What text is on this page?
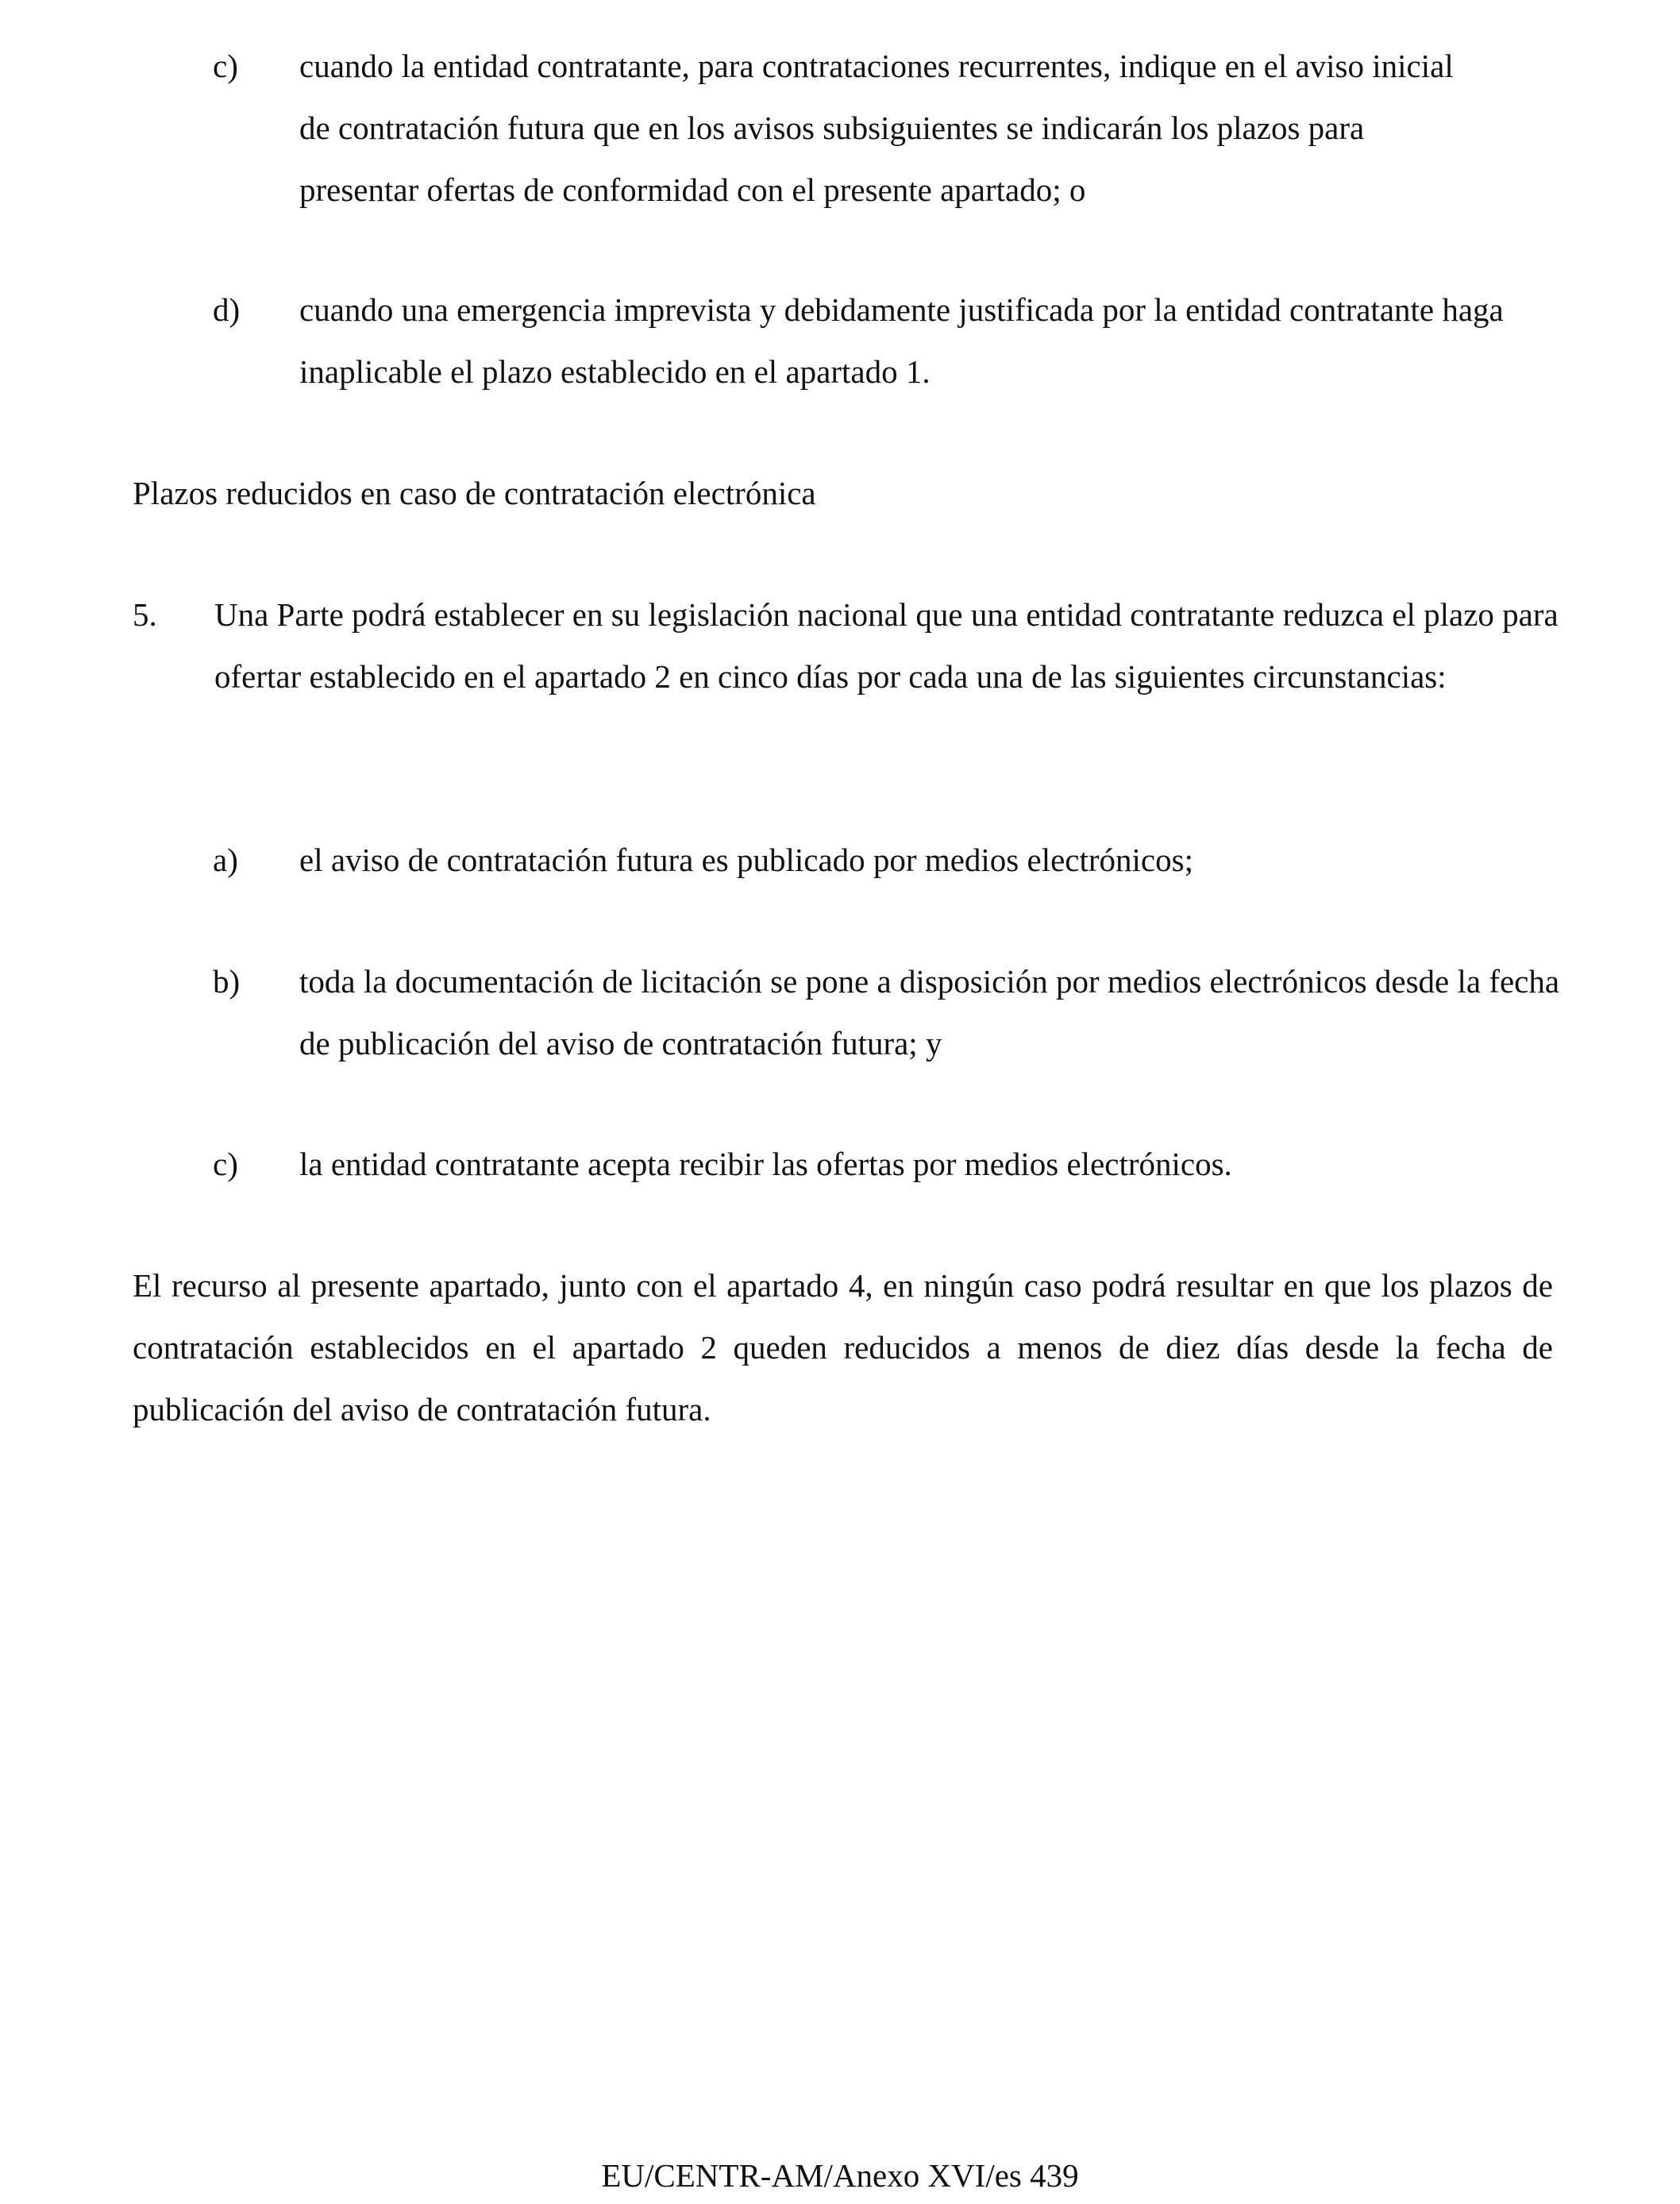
c) cuando la entidad contratante, para contrataciones recurrentes, indique en el aviso inicial de contratación futura que en los avisos subsiguientes se indicarán los plazos para presentar ofertas de conformidad con el presente apartado; o

d) cuando una emergencia imprevista y debidamente justificada por la entidad contratante haga inaplicable el plazo establecido en el apartado 1.

Plazos reducidos en caso de contratación electrónica

5. Una Parte podrá establecer en su legislación nacional que una entidad contratante reduzca el plazo para ofertar establecido en el apartado 2 en cinco días por cada una de las siguientes circunstancias:

a) el aviso de contratación futura es publicado por medios electrónicos;

b) toda la documentación de licitación se pone a disposición por medios electrónicos desde la fecha de publicación del aviso de contratación futura; y

c) la entidad contratante acepta recibir las ofertas por medios electrónicos.

El recurso al presente apartado, junto con el apartado 4, en ningún caso podrá resultar en que los plazos de contratación establecidos en el apartado 2 queden reducidos a menos de diez días desde la fecha de publicación del aviso de contratación futura.

EU/CENTR-AM/Anexo XVI/es 439
